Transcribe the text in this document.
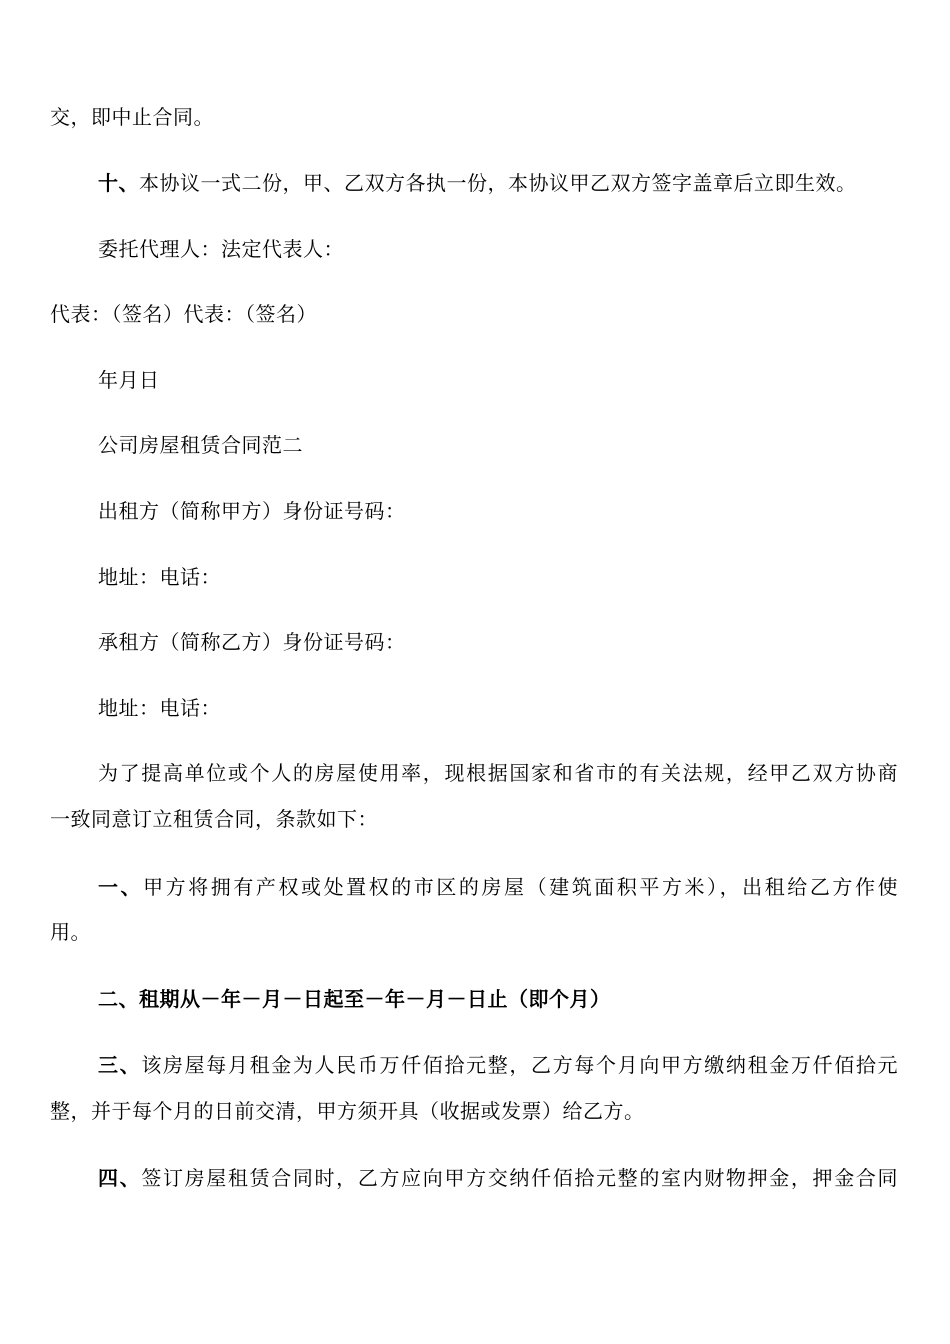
交，即中止合同。
十、本协议一式二份，甲、乙双方各执一份，本协议甲乙双方签字盖章后立即生效。
委托代理人：法定代表人：
代表：（签名）代表：（签名）
年月日
公司房屋租赁合同范二
出租方（简称甲方）身份证号码：
地址：电话：
承租方（简称乙方）身份证号码：
地址：电话：
为了提高单位或个人的房屋使用率，现根据国家和省市的有关法规，经甲乙双方协商
一致同意订立租赁合同，条款如下：
一、甲方将拥有产权或处置权的市区的房屋（建筑面积平方米），出租给乙方作使
用。
二、租期从－年－月－日起至－年－月－日止（即个月）
三、该房屋每月租金为人民币万仟佰拾元整，乙方每个月向甲方缴纳租金万仟佰拾元
整，并于每个月的日前交清，甲方须开具（收据或发票）给乙方。
四、签订房屋租赁合同时，乙方应向甲方交纳仟佰拾元整的室内财物押金，押金合同
